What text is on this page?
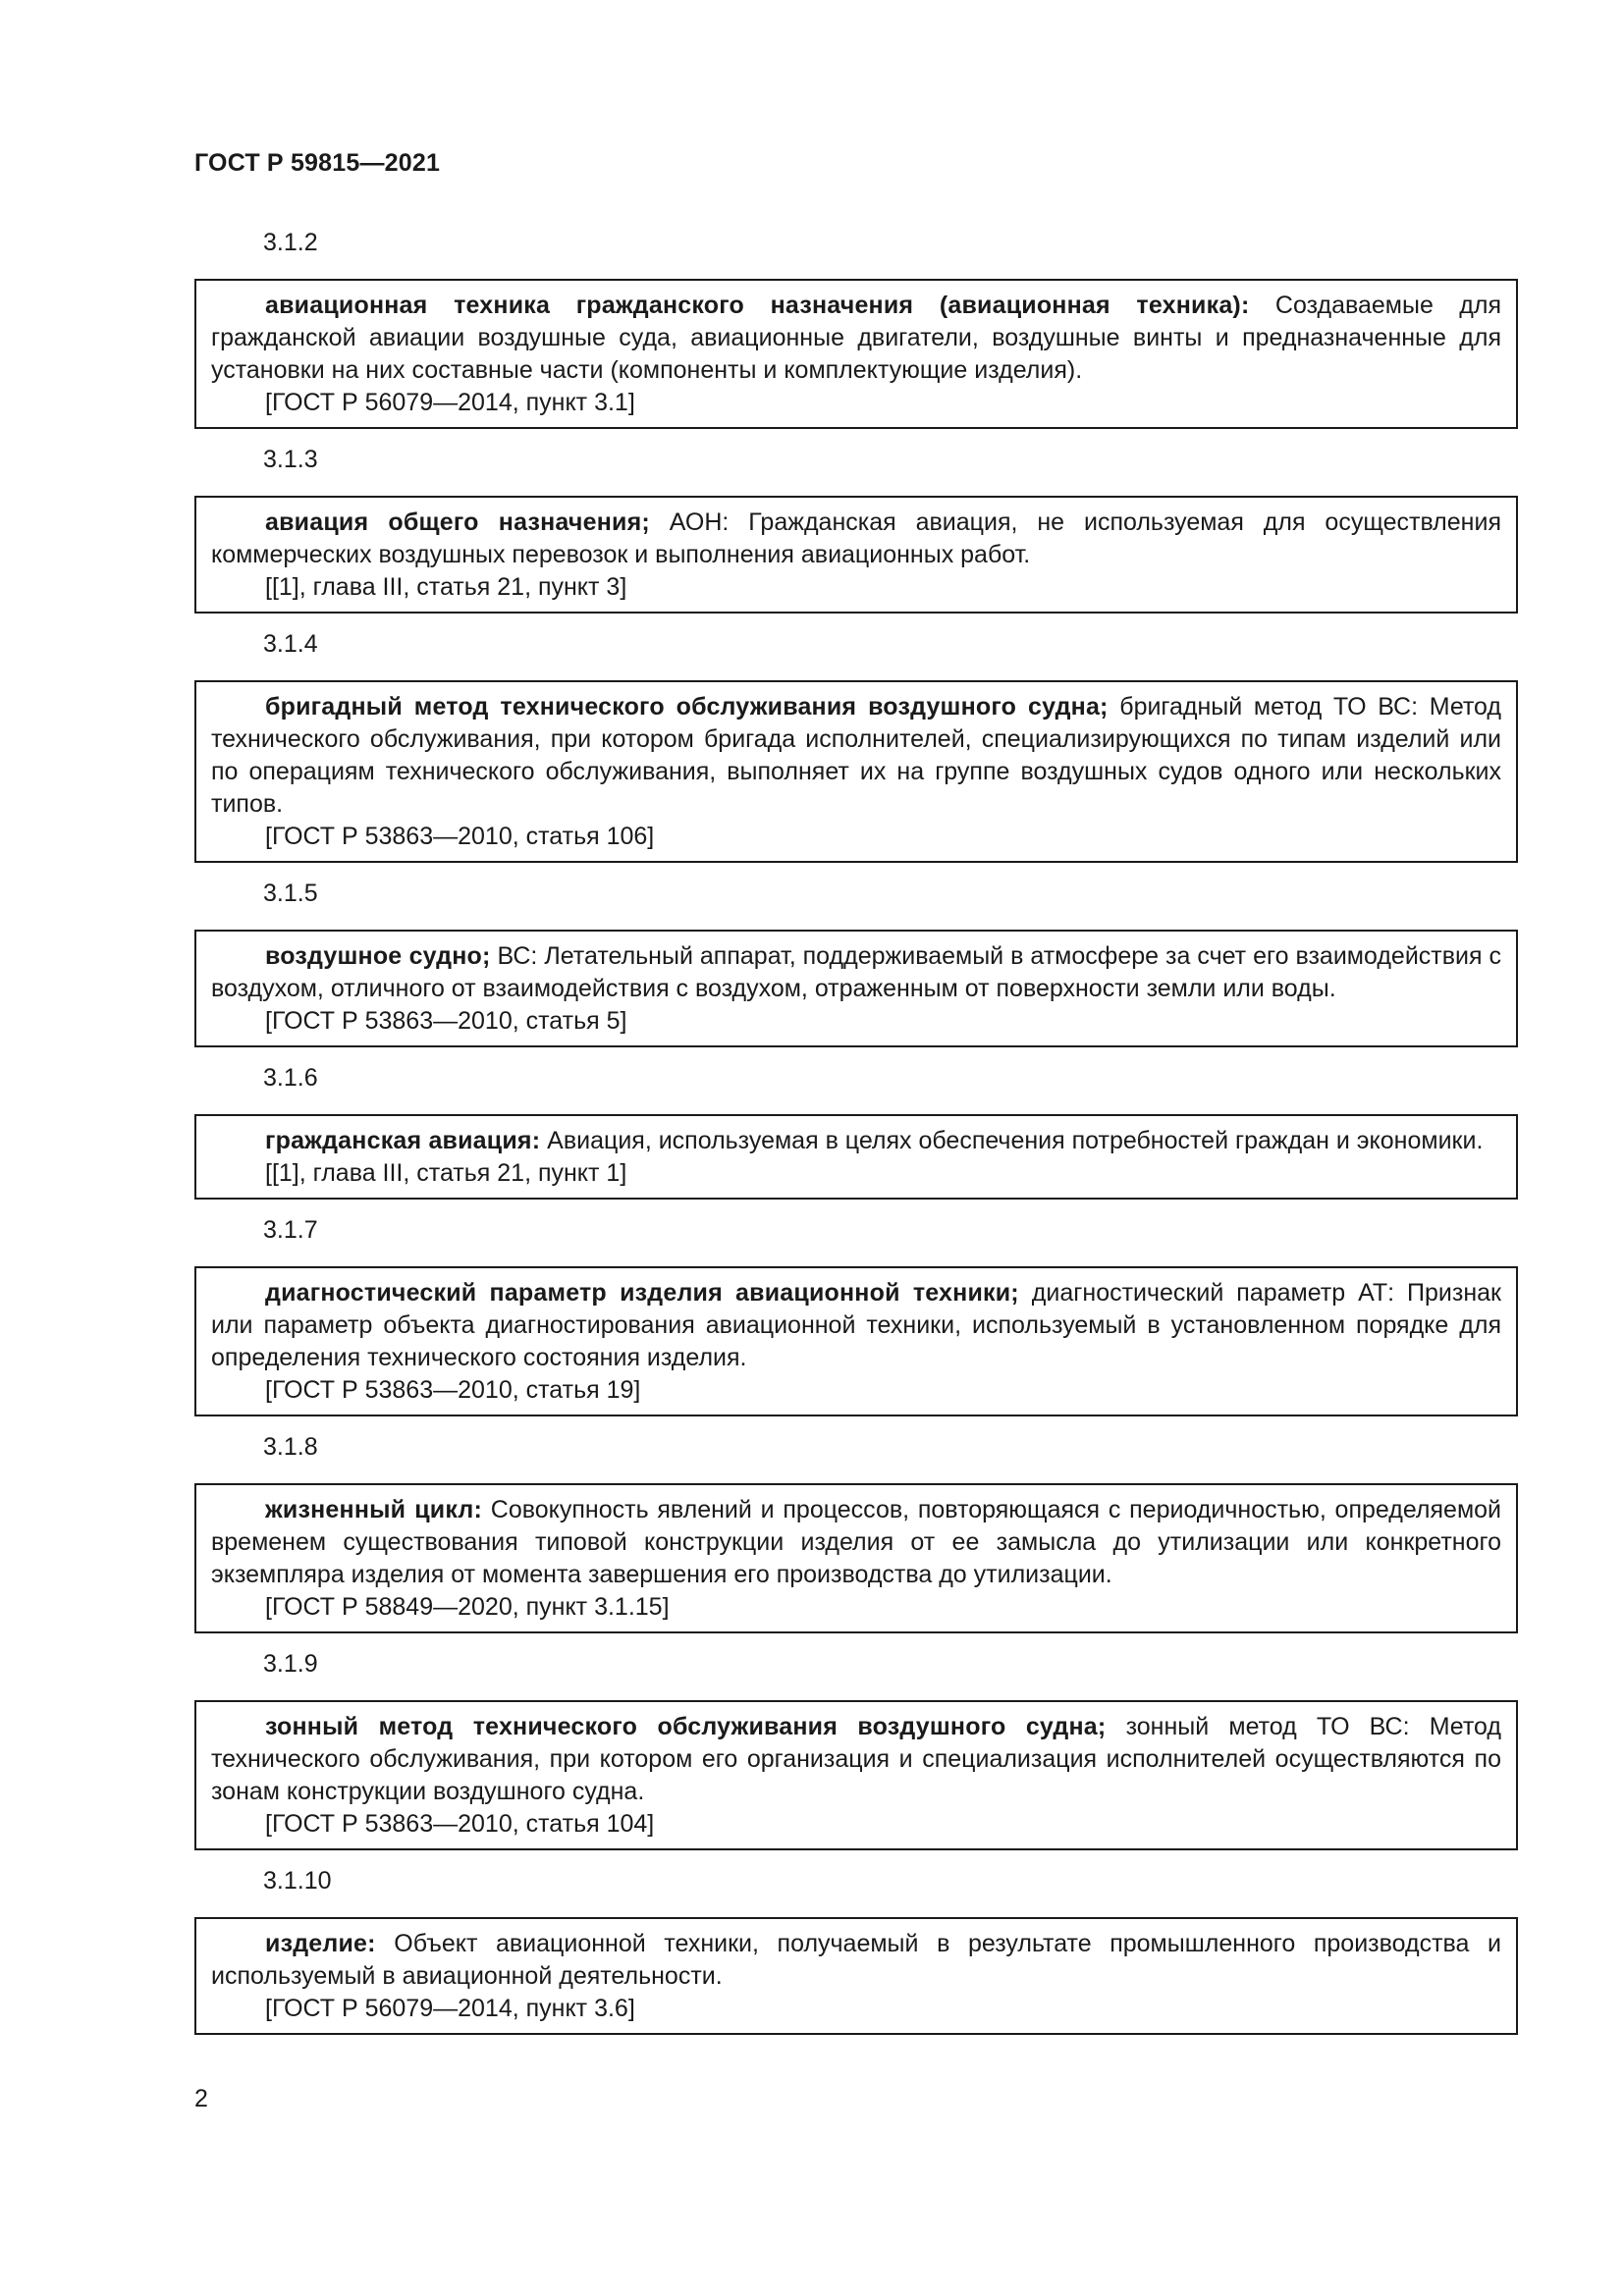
ГОСТ Р 59815—2021
3.1.2
авиационная техника гражданского назначения (авиационная техника): Создаваемые для гражданской авиации воздушные суда, авиационные двигатели, воздушные винты и предназначенные для установки на них составные части (компоненты и комплектующие изделия).
[ГОСТ Р 56079—2014, пункт 3.1]
3.1.3
авиация общего назначения; АОН: Гражданская авиация, не используемая для осуществления коммерческих воздушных перевозок и выполнения авиационных работ.
[[1], глава III, статья 21, пункт 3]
3.1.4
бригадный метод технического обслуживания воздушного судна; бригадный метод ТО ВС: Метод технического обслуживания, при котором бригада исполнителей, специализирующихся по типам изделий или по операциям технического обслуживания, выполняет их на группе воздушных судов одного или нескольких типов.
[ГОСТ Р 53863—2010, статья 106]
3.1.5
воздушное судно; ВС: Летательный аппарат, поддерживаемый в атмосфере за счет его взаимодействия с воздухом, отличного от взаимодействия с воздухом, отраженным от поверхности земли или воды.
[ГОСТ Р 53863—2010, статья 5]
3.1.6
гражданская авиация: Авиация, используемая в целях обеспечения потребностей граждан и экономики.
[[1], глава III, статья 21, пункт 1]
3.1.7
диагностический параметр изделия авиационной техники; диагностический параметр АТ: Признак или параметр объекта диагностирования авиационной техники, используемый в установленном порядке для определения технического состояния изделия.
[ГОСТ Р 53863—2010, статья 19]
3.1.8
жизненный цикл: Совокупность явлений и процессов, повторяющаяся с периодичностью, определяемой временем существования типовой конструкции изделия от ее замысла до утилизации или конкретного экземпляра изделия от момента завершения его производства до утилизации.
[ГОСТ Р 58849—2020, пункт 3.1.15]
3.1.9
зонный метод технического обслуживания воздушного судна; зонный метод ТО ВС: Метод технического обслуживания, при котором его организация и специализация исполнителей осуществляются по зонам конструкции воздушного судна.
[ГОСТ Р 53863—2010, статья 104]
3.1.10
изделие: Объект авиационной техники, получаемый в результате промышленного производства и используемый в авиационной деятельности.
[ГОСТ Р 56079—2014, пункт 3.6]
2
